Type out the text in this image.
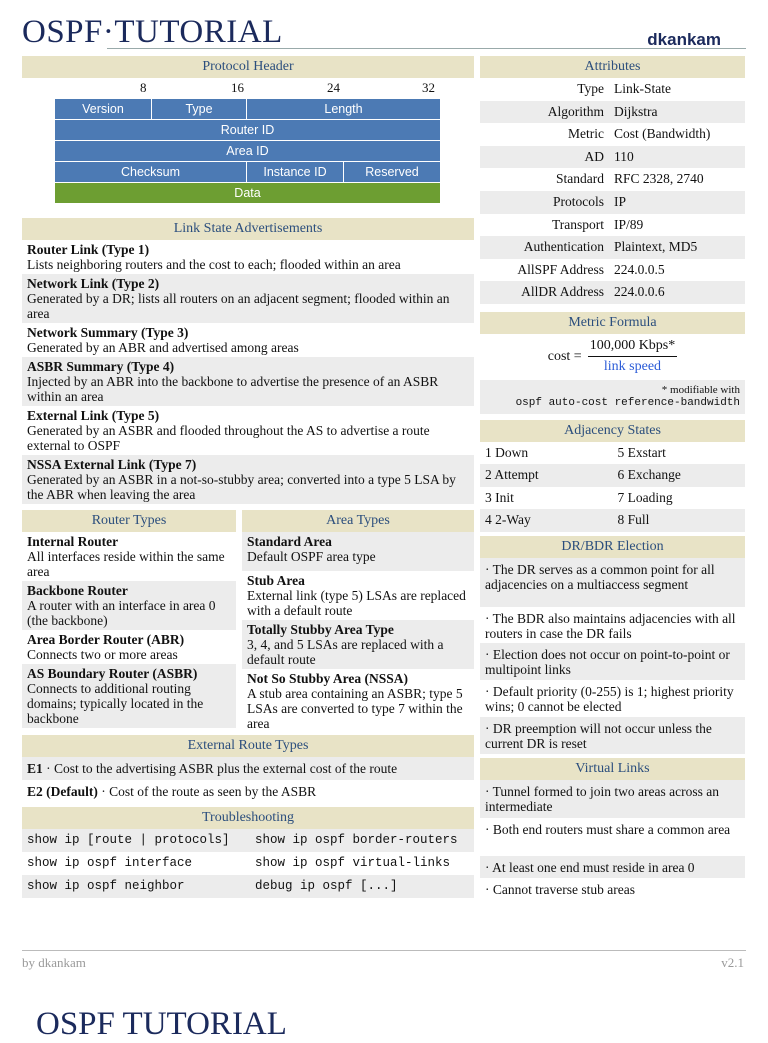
OSPF·TUTORIAL	dkankam
Protocol Header
8	16	24	32
Version	Type	Length	
Router ID			
Area ID			
Checksum		Instance ID	Reserved
Data			
Link State Advertisements
Router Link (Type 1)
Lists neighboring routers and the cost to each; flooded within an area
Network Link (Type 2)
Generated by a DR; lists all routers on an adjacent segment; flooded within an area
Network Summary (Type 3)
Generated by an ABR and advertised among areas
ASBR Summary (Type 4)
Injected by an ABR into the backbone to advertise the presence of an ASBR within an area
External Link (Type 5)
Generated by an ASBR and flooded throughout the AS to advertise a route external to OSPF
NSSA External Link (Type 7)
Generated by an ASBR in a not-so-stubby area; converted into a type 5 LSA by the ABR when leaving the area
Router Types
Internal Router
All interfaces reside within the same area
Backbone Router
A router with an interface in area 0 (the backbone)
Area Border Router (ABR)
Connects two or more areas
AS Boundary Router (ASBR)
Connects to additional routing domains; typically located in the backbone
Area Types
Standard Area
Default OSPF area type
Stub Area
External link (type 5) LSAs are replaced with a default route
Totally Stubby Area Type
3, 4, and 5 LSAs are replaced with a default route
Not So Stubby Area (NSSA)
A stub area containing an ASBR; type 5 LSAs are converted to type 7 within the area
External Route Types
E1 · Cost to the advertising ASBR plus the external cost of the route
E2 (Default) · Cost of the route as seen by the ASBR
Troubleshooting
show ip [route | protocols]	show ip ospf border-routers
show ip ospf interface	show ip ospf virtual-links
show ip ospf neighbor	debug ip ospf [...]
Attributes
Type Link-State
Algorithm Dijkstra
Metric Cost (Bandwidth)
AD 110
Standard RFC 2328, 2740
Protocols IP
Transport IP/89
Authentication Plaintext, MD5
AllSPF Address 224.0.0.5
AllDR Address 224.0.0.6
Metric Formula
$\cos t = \frac{\text{100,000 Kbps*}}{\text{link speed}}$
* modifiable with
ospf auto-cost reference-bandwidth
Adjacency States
1 Down	5 Exstart
2 Attempt	6 Exchange
3 Init	7 Loading
4 2-Way	8 Full
DR/BDR Election
· The DR serves as a common point for all adjacencies on a multiaccess segment
· The BDR also maintains adjacencies with all routers in case the DR fails
· Election does not occur on point-to-point or multipoint links
· Default priority (0-255) is 1; highest priority wins; 0 cannot be elected
· DR preemption will not occur unless the current DR is reset
Virtual Links
· Tunnel formed to join two areas across an intermediate
· Both end routers must share a common area
· At least one end must reside in area 0
· Cannot traverse stub areas
by dkankam	v2.1
OSPF TUTORIAL
